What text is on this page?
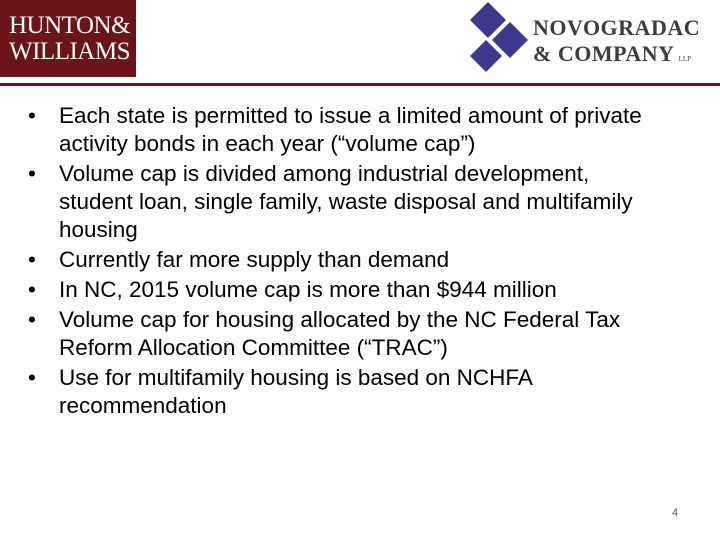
HUNTON&
WILLIAMS
NOVOGRADAC
& COMPANY LLP
• Each state is permitted to issue a limited amount of private activity bonds in each year (“volume cap”)
• Volume cap is divided among industrial development, student loan, single family, waste disposal and multifamily housing
• Currently far more supply than demand
• In NC, 2015 volume cap is more than $944 million
• Volume cap for housing allocated by the NC Federal Tax Reform Allocation Committee (“TRAC”)
• Use for multifamily housing is based on NCHFA recommendation
4
